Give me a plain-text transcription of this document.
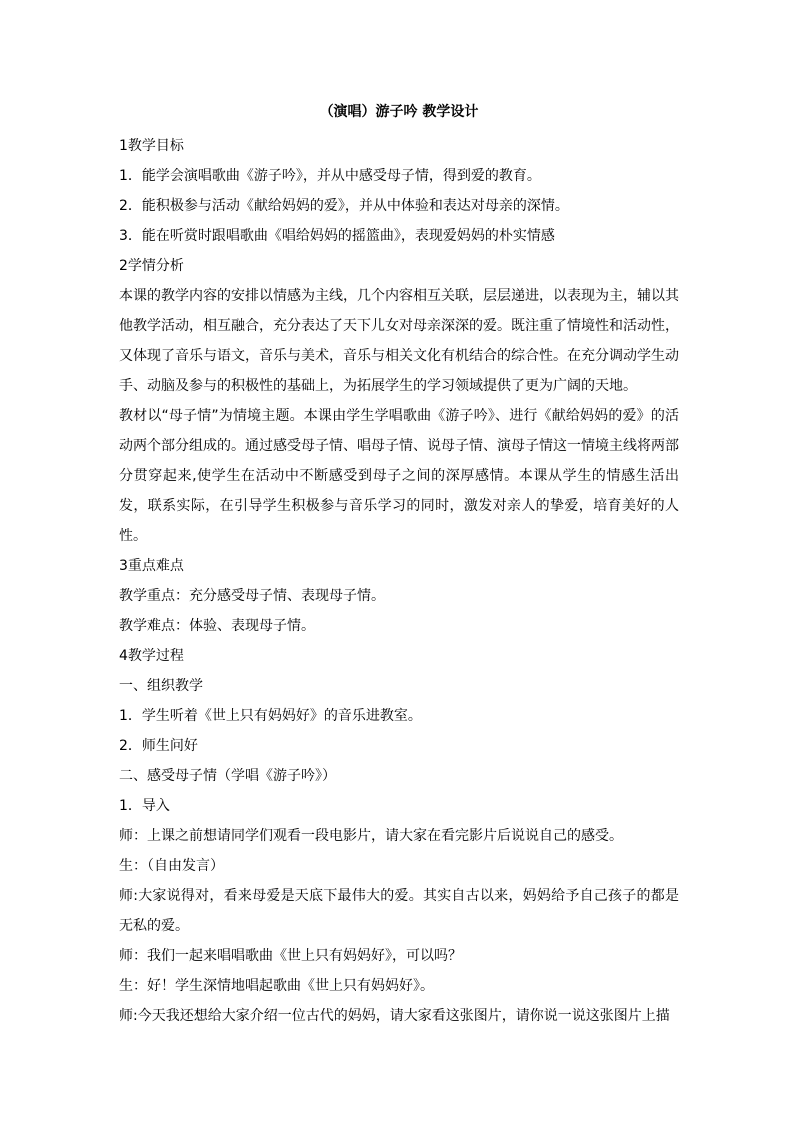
（演唱）游子吟 教学设计

1教学目标

1．能学会演唱歌曲《游子吟》，并从中感受母子情，得到爱的教育。

2．能积极参与活动《献给妈妈的爱》，并从中体验和表达对母亲的深情。

3．能在听赏时跟唱歌曲《唱给妈妈的摇篮曲》，表现爱妈妈的朴实情感

2学情分析

本课的教学内容的安排以情感为主线，几个内容相互关联，层层递进，以表现为主，辅以其他教学活动，相互融合，充分表达了天下儿女对母亲深深的爱。既注重了情境性和活动性，又体现了音乐与语文，音乐与美术，音乐与相关文化有机结合的综合性。在充分调动学生动手、动脑及参与的积极性的基础上，为拓展学生的学习领域提供了更为广阔的天地。

教材以“母子情”为情境主题。本课由学生学唱歌曲《游子吟》、进行《献给妈妈的爱》的活动两个部分组成的。通过感受母子情、唱母子情、说母子情、演母子情这一情境主线将两部分贯穿起来,使学生在活动中不断感受到母子之间的深厚感情。本课从学生的情感生活出发，联系实际，在引导学生积极参与音乐学习的同时，激发对亲人的挚爱，培育美好的人性。

3重点难点

教学重点：充分感受母子情、表现母子情。

教学难点：体验、表现母子情。

4教学过程

一、组织教学

1．学生听着《世上只有妈妈好》的音乐进教室。

2．师生问好

二、感受母子情（学唱《游子吟》）

1．导入

师：上课之前想请同学们观看一段电影片，请大家在看完影片后说说自己的感受。

生：（自由发言）

师:大家说得对，看来母爱是天底下最伟大的爱。其实自古以来，妈妈给予自己孩子的都是无私的爱。

师：我们一起来唱唱歌曲《世上只有妈妈好》，可以吗？

生：好！学生深情地唱起歌曲《世上只有妈妈好》。

师:今天我还想给大家介绍一位古代的妈妈，请大家看这张图片，请你说一说这张图片上描
